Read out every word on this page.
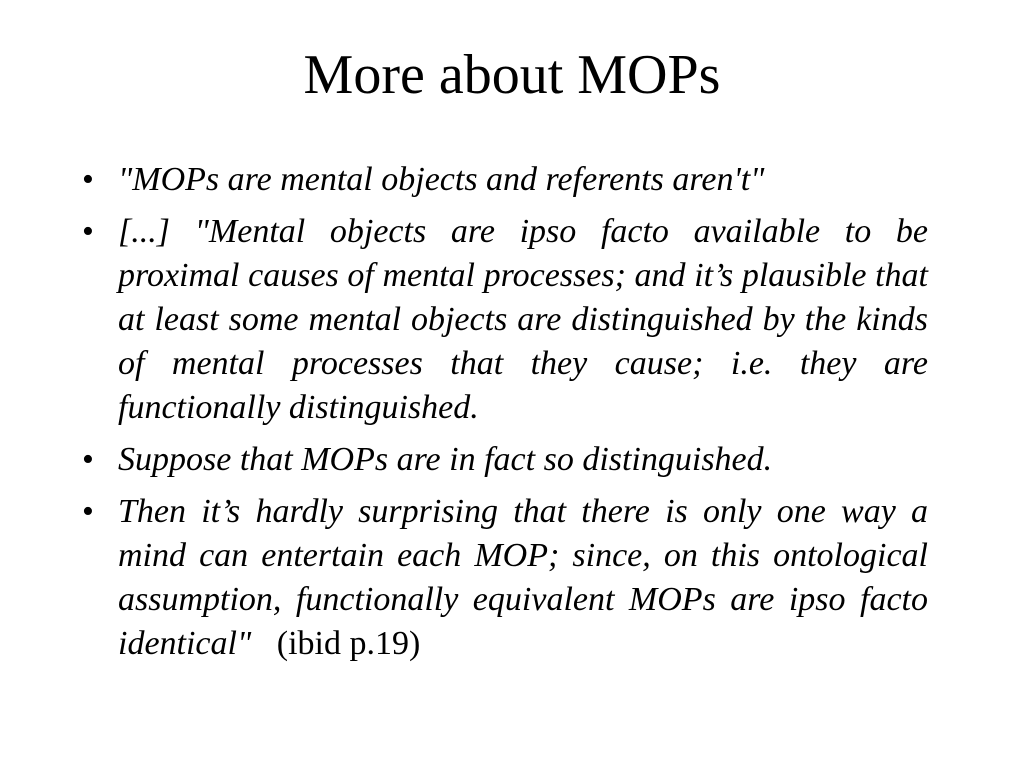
More about MOPs
• "MOPs are mental objects and referents aren't"
• [...] "Mental objects are ipso facto available to be proximal causes of mental processes; and it’s plausible that at least some mental objects are distinguished by the kinds of mental processes that they cause; i.e. they are functionally distinguished.
• Suppose that MOPs are in fact so distinguished.
• Then it’s hardly surprising that there is only one way a mind can entertain each MOP; since, on this ontological assumption, functionally equivalent MOPs are ipso facto identical" (ibid p.19)
